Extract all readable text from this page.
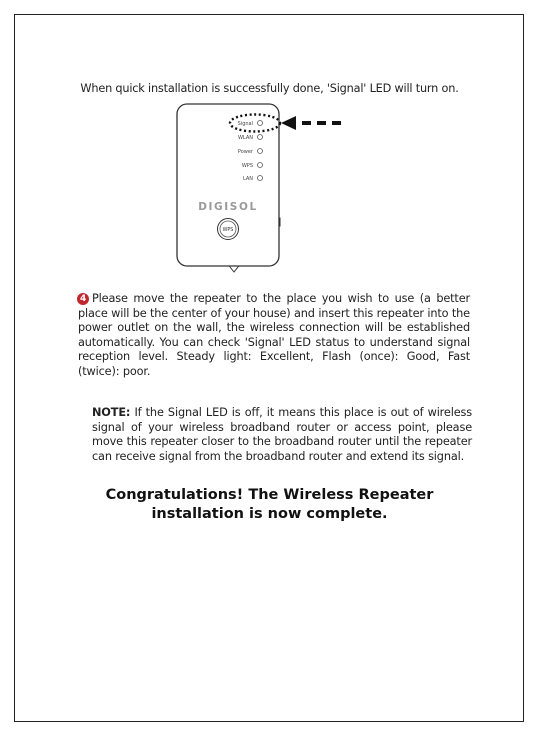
When quick installation is successfully done, 'Signal' LED will turn on.
Signal
WLAN
Power
WPS
LAN
DIGISOL
WPS
4 Please move the repeater to the place you wish to use (a better place will be the center of your house) and insert this repeater into the power outlet on the wall, the wireless connection will be established automatically. You can check 'Signal' LED status to understand signal reception level. Steady light: Excellent, Flash (once): Good, Fast (twice): poor.
NOTE: If the Signal LED is off, it means this place is out of wireless signal of your wireless broadband router or access point, please move this repeater closer to the broadband router until the repeater can receive signal from the broadband router and extend its signal.
Congratulations! The Wireless Repeater
installation is now complete.
